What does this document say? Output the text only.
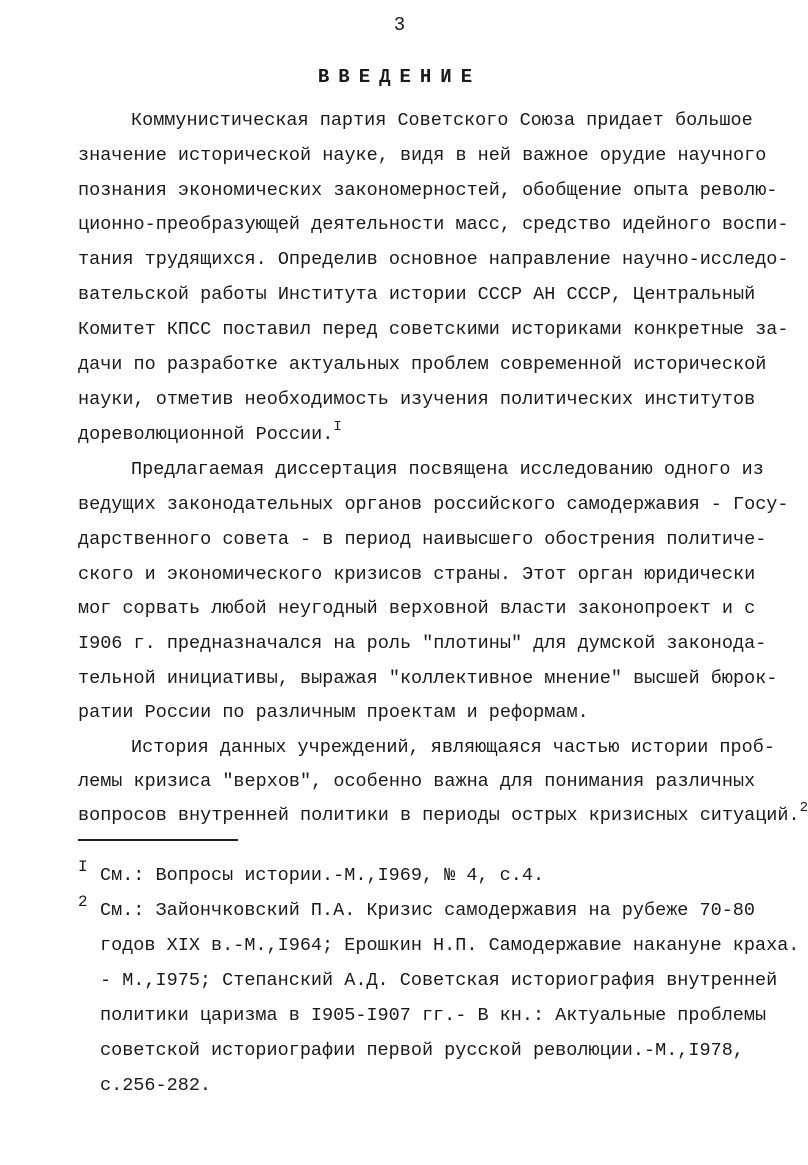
3
ВВЕДЕНИЕ
Коммунистическая партия Советского Союза придает большое
значение исторической науке, видя в ней важное орудие научного
познания экономических закономерностей, обобщение опыта револю-
ционно-преобразующей деятельности масс, средство идейного воспи-
тания трудящихся. Определив основное направление научно-исследо-
вательской работы Института истории СССР АН СССР, Центральный
Комитет КПСС поставил перед советскими историками конкретные за-
дачи по разработке актуальных проблем современной исторической
науки, отметив необходимость изучения политических институтов
дореволюционной России.$^I$
Предлагаемая диссертация посвящена исследованию одного из
ведущих законодательных органов российского самодержавия - Госу-
дарственного совета - в период наивысшего обострения политиче-
ского и экономического кризисов страны. Этот орган юридически
мог сорвать любой неугодный верховной власти законопроект и с
I906 г. предназначался на роль "плотины" для думской законода-
тельной инициативы, выражая "коллективное мнение" высшей бюрок-
ратии России по различным проектам и реформам.
История данных учреждений, являющаяся частью истории проб-
лемы кризиса "верхов", особенно важна для понимания различных
вопросов внутренней политики в периоды острых кризисных ситуаций.$^2$
I См.: Вопросы истории.-М.,I969, № 4, с.4.
2 См.: Зайончковский П.А. Кризис самодержавия на рубеже 70-80
годов XIX в.-М.,I964; Ерошкин Н.П. Самодержавие накануне краха.
- М.,I975; Степанский А.Д. Советская историография внутренней
политики царизма в I905-I907 гг.- В кн.: Актуальные проблемы
советской историографии первой русской революции.-М.,I978,
с.256-282.
